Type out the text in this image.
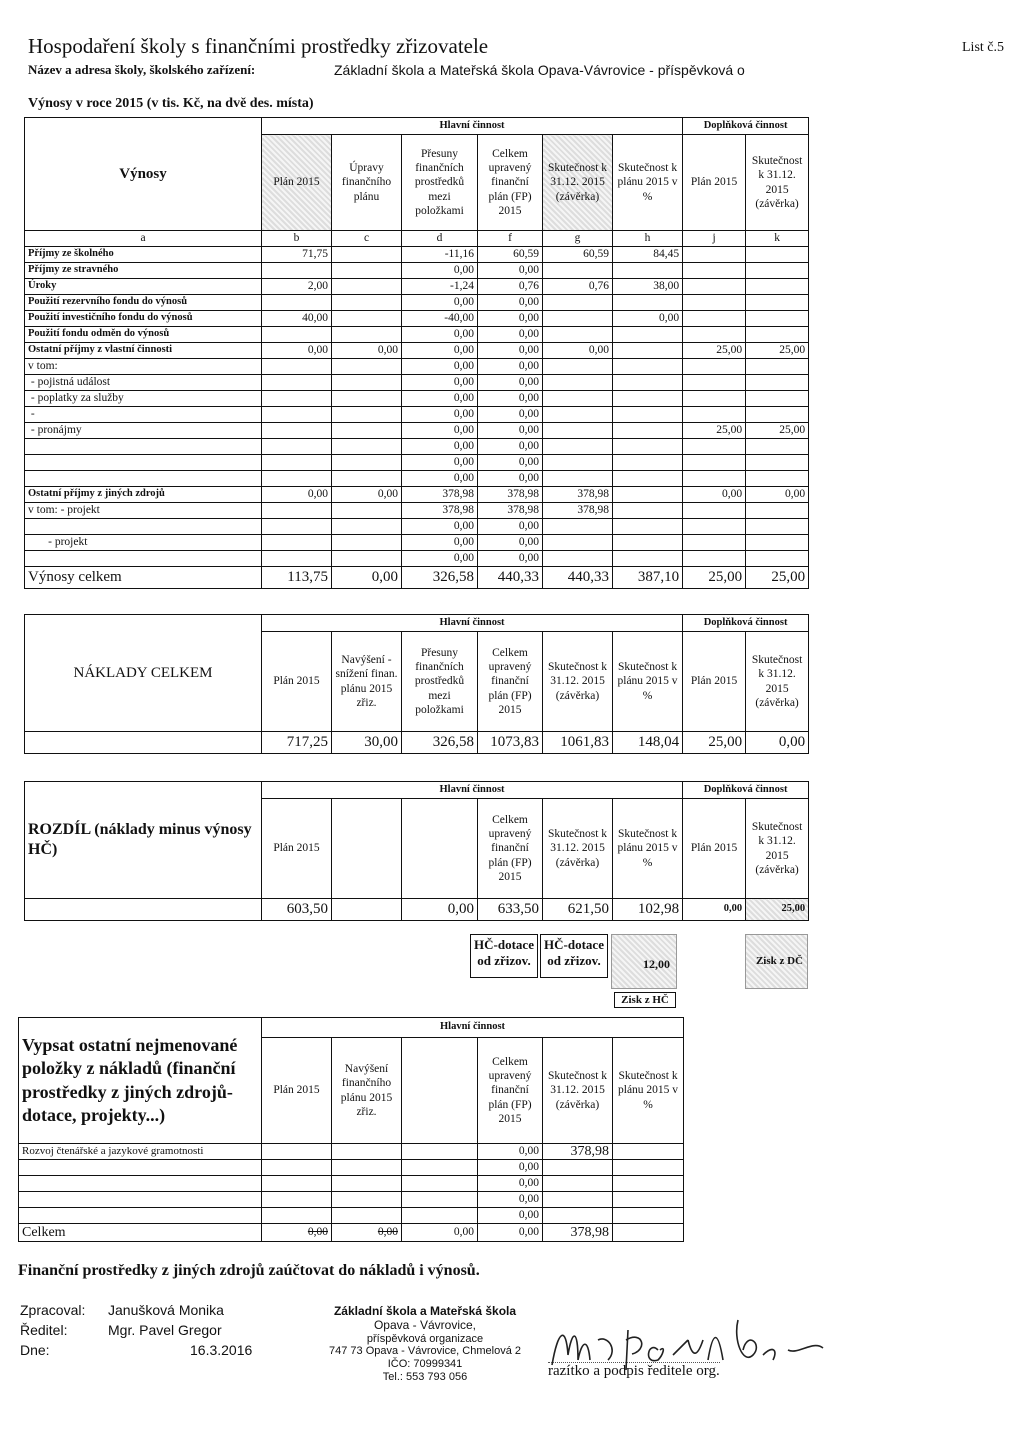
Hospodaření školy s finančními prostředky zřizovatele	List č.5
Název a adresa školy, školského zařízení:	Základní škola a Mateřská škola Opava-Vávrovice - příspěvková o
Výnosy v roce 2015 (v tis. Kč, na dvě des. místa)
Výnosy	Hlavní činnost						Doplňková činnost	
	Plán 2015	Úpravy finančního plánu	Přesuny finančních prostředků mezi položkami	Celkem upravený finanční plán (FP) 2015	Skutečnost k 31.12. 2015 (závěrka)	Skutečnost k plánu 2015 v %	Plán 2015	Skutečnost k 31.12. 2015 (závěrka)
a	b	c	d	f	g	h	j	k
Příjmy ze školného	71,75		-11,16	60,59	60,59	84,45		
Příjmy ze stravného			0,00	0,00				
Úroky	2,00		-1,24	0,76	0,76	38,00		
Použití rezervního fondu do výnosů			0,00	0,00				
Použití investičního fondu do výnosů	40,00		-40,00	0,00		0,00		
Použití fondu odměn do výnosů			0,00	0,00				
Ostatní příjmy z vlastní činnosti	0,00	0,00	0,00	0,00	0,00		25,00	25,00
v tom:			0,00	0,00				
- pojistná událost			0,00	0,00				
- poplatky za služby			0,00	0,00				
-			0,00	0,00				
- pronájmy			0,00	0,00			25,00	25,00
			0,00	0,00				
			0,00	0,00				
			0,00	0,00				
Ostatní příjmy z jiných zdrojů	0,00	0,00	378,98	378,98	378,98		0,00	0,00
v tom: - projekt			378,98	378,98	378,98			
			0,00	0,00				
- projekt			0,00	0,00				
			0,00	0,00				
Výnosy celkem	113,75	0,00	326,58	440,33	440,33	387,10	25,00	25,00
NÁKLADY CELKEM	Hlavní činnost						Doplňková činnost	
	Plán 2015	Navýšení - snížení finan. plánu 2015 zřiz.	Přesuny finančních prostředků mezi položkami	Celkem upravený finanční plán (FP) 2015	Skutečnost k 31.12. 2015 (závěrka)	Skutečnost k plánu 2015 v %	Plán 2015	Skutečnost k 31.12. 2015 (závěrka)
	717,25	30,00	326,58	1073,83	1061,83	148,04	25,00	0,00
ROZDÍL (náklady minus výnosy HČ)	Hlavní činnost						Doplňková činnost	
	Plán 2015			Celkem upravený finanční plán (FP) 2015	Skutečnost k 31.12. 2015 (závěrka)	Skutečnost k plánu 2015 v %	Plán 2015	Skutečnost k 31.12. 2015 (závěrka)
	603,50		0,00	633,50	621,50	102,98	0,00	25,00
HČ-dotace od zřizov.
HČ-dotace od zřizov.	12,00
Zisk z HČ
Zisk z DČ
Vypsat ostatní nejmenované položky z nákladů (finanční prostředky z jiných zdrojů- dotace, projekty...)	Hlavní činnost					
	Plán 2015	Navýšení finančního plánu 2015 zřiz.		Celkem upravený finanční plán (FP) 2015	Skutečnost k 31.12. 2015 (závěrka)	Skutečnost k plánu 2015 v %
Rozvoj čtenářské a jazykové gramotnosti				0,00	378,98	
				0,00		
				0,00		
				0,00		
				0,00		
Celkem	0,00	0,00	0,00	0,00	378,98	
Finanční prostředky z jiných zdrojů zaúčtovat do nákladů i výnosů.
Zpracoval: Janušková Monika
Ředitel:	Mgr. Pavel Gregor
Dne:	16.3.2016
Základní škola a Mateřská škola
Opava - Vávrovice,
příspěvková organizace
747 73 Opava - Vávrovice, Chmelová 2
IČO: 70999341
Tel.: 553 793 056	razítko a podpis ředitele org.
